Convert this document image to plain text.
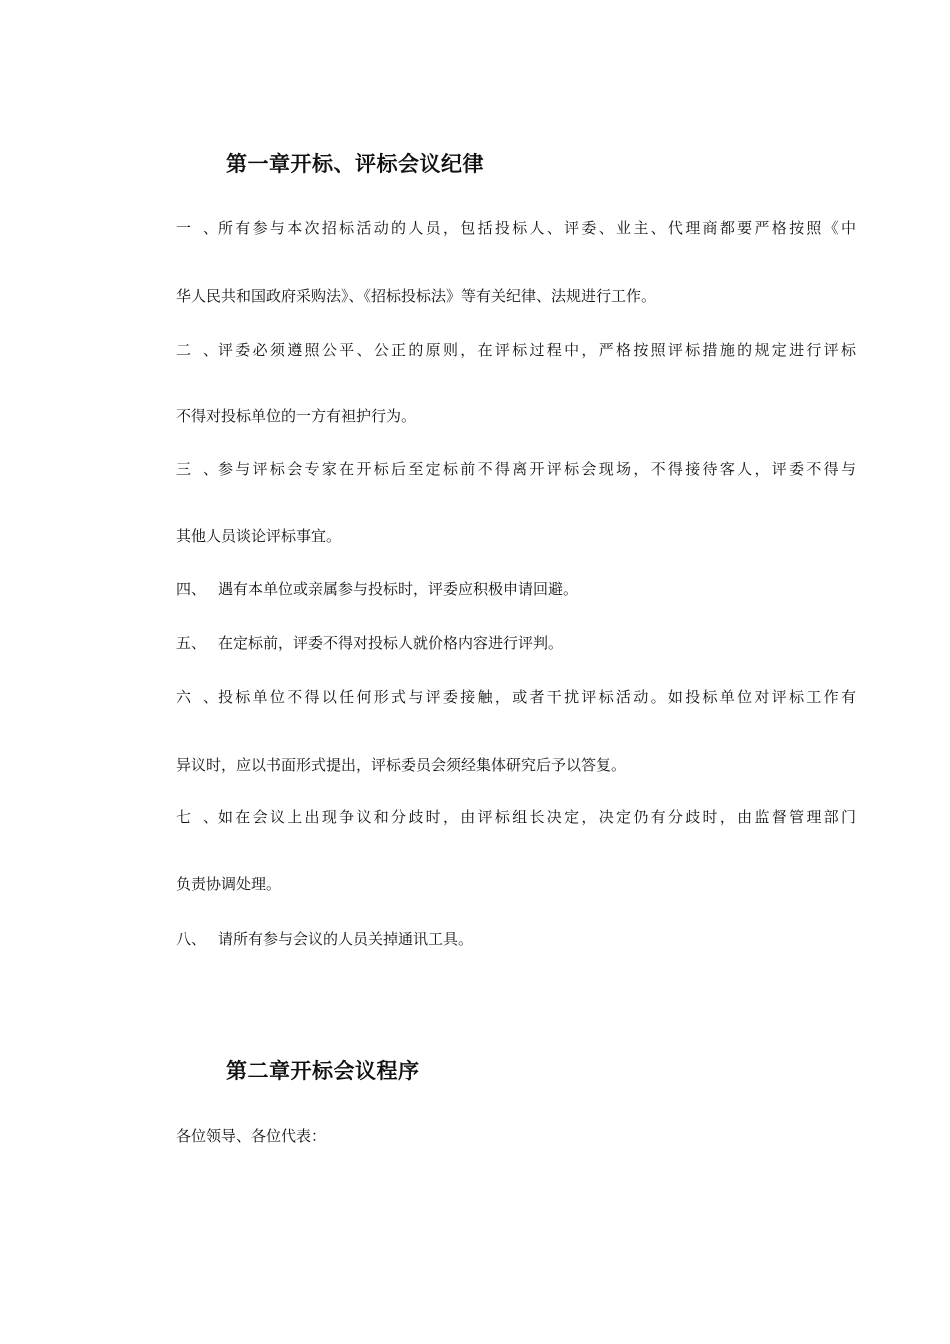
第一章开标、评标会议纪律
一、 所有参与本次招标活动的人员，包括投标人、评委、业主、代理商都要严格按照《中
华人民共和国政府采购法》、《招标投标法》等有关纪律、法规进行工作。
二、 评委必须遵照公平、公正的原则，在评标过程中，严格按照评标措施的规定进行评标
不得对投标单位的一方有袒护行为。
三、 参与评标会专家在开标后至定标前不得离开评标会现场，不得接待客人，评委不得与
其他人员谈论评标事宜。
四、 遇有本单位或亲属参与投标时，评委应积极申请回避。
五、 在定标前，评委不得对投标人就价格内容进行评判。
六、 投标单位不得以任何形式与评委接触，或者干扰评标活动。如投标单位对评标工作有
异议时，应以书面形式提出，评标委员会须经集体研究后予以答复。
七、 如在会议上出现争议和分歧时，由评标组长决定，决定仍有分歧时，由监督管理部门
负责协调处理。
八、 请所有参与会议的人员关掉通讯工具。
第二章开标会议程序
各位领导、各位代表：
